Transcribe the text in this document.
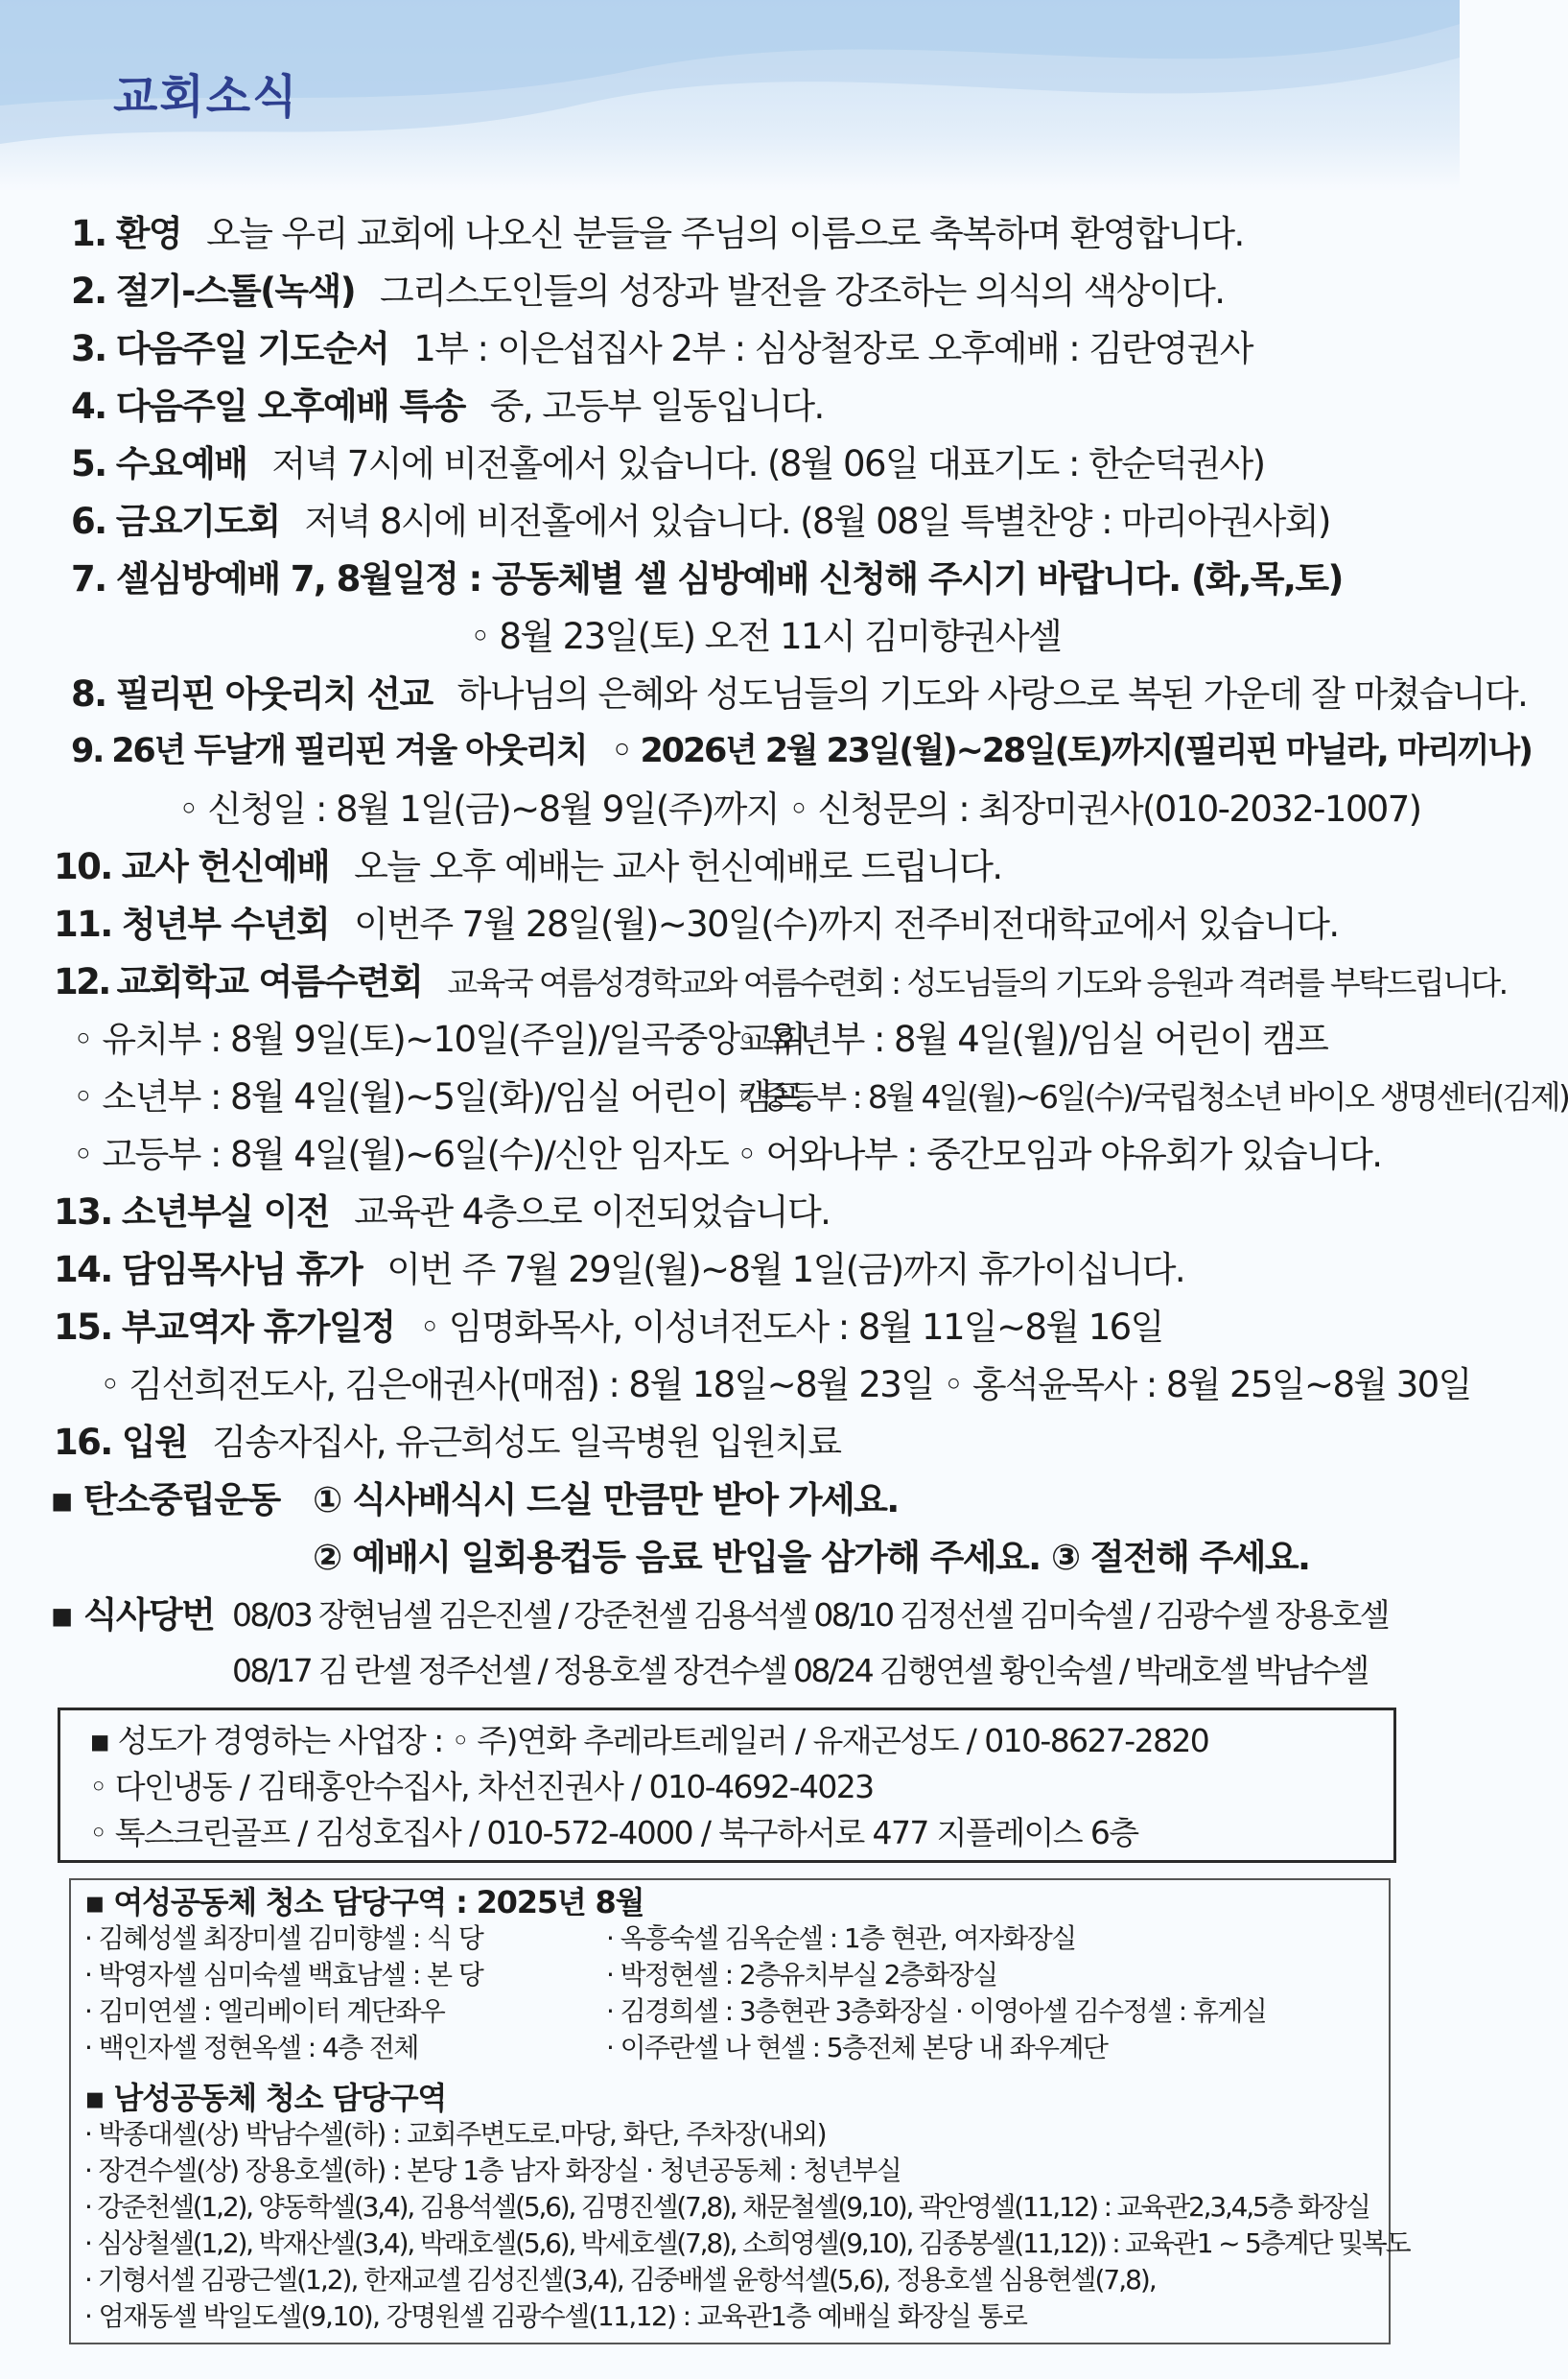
교회소식
1. 환영 오늘 우리 교회에 나오신 분들을 주님의 이름으로 축복하며 환영합니다.
2. 절기-스톨(녹색) 그리스도인들의 성장과 발전을 강조하는 의식의 색상이다.
3. 다음주일 기도순서 1부 : 이은섭집사 2부 : 심상철장로 오후예배 : 김란영권사
4. 다음주일 오후예배 특송 중, 고등부 일동입니다.
5. 수요예배 저녁 7시에 비전홀에서 있습니다. (8월 06일 대표기도 : 한순덕권사)
6. 금요기도회 저녁 8시에 비전홀에서 있습니다. (8월 08일 특별찬양 : 마리아권사회)
7. 셀심방예배 7, 8월일정 : 공동체별 셀 심방예배 신청해 주시기 바랍니다. (화,목,토)
◦ 8월 23일(토) 오전 11시 김미향권사셀
8. 필리핀 아웃리치 선교 하나님의 은혜와 성도님들의 기도와 사랑으로 복된 가운데 잘 마쳤습니다.
9. 26년 두날개 필리핀 겨울 아웃리치 ◦ 2026년 2월 23일(월)~28일(토)까지(필리핀 마닐라, 마리끼나)
◦ 신청일 : 8월 1일(금)~8월 9일(주)까지 ◦ 신청문의 : 최장미권사(010-2032-1007)
10. 교사 헌신예배 오늘 오후 예배는 교사 헌신예배로 드립니다.
11. 청년부 수년회 이번주 7월 28일(월)~30일(수)까지 전주비전대학교에서 있습니다.
12. 교회학교 여름수련회 교육국 여름성경학교와 여름수련회 : 성도님들의 기도와 응원과 격려를 부탁드립니다.
◦ 유치부 : 8월 9일(토)~10일(주일)/일곡중앙교회
◦ 유년부 : 8월 4일(월)/임실 어린이 캠프
◦ 소년부 : 8월 4일(월)~5일(화)/임실 어린이 캠프
◦ 중등부 : 8월 4일(월)~6일(수)/국립청소년 바이오 생명센터(김제)
◦ 고등부 : 8월 4일(월)~6일(수)/신안 임자도 ◦ 어와나부 : 중간모임과 야유회가 있습니다.
13. 소년부실 이전 교육관 4층으로 이전되었습니다.
14. 담임목사님 휴가 이번 주 7월 29일(월)~8월 1일(금)까지 휴가이십니다.
15. 부교역자 휴가일정 ◦ 임명화목사, 이성녀전도사 : 8월 11일~8월 16일
◦ 김선희전도사, 김은애권사(매점) : 8월 18일~8월 23일 ◦ 홍석윤목사 : 8월 25일~8월 30일
16. 입원 김송자집사, 유근희성도 일곡병원 입원치료
▪ 탄소중립운동 ① 식사배식시 드실 만큼만 받아 가세요.
② 예배시 일회용컵등 음료 반입을 삼가해 주세요. ③ 절전해 주세요.
▪ 식사당번 08/03 장현님셀 김은진셀 / 강준천셀 김용석셀 08/10 김정선셀 김미숙셀 / 김광수셀 장용호셀
08/17 김 란셀 정주선셀 / 정용호셀 장견수셀 08/24 김행연셀 황인숙셀 / 박래호셀 박남수셀
▪ 성도가 경영하는 사업장 : ◦ 주)연화 추레라트레일러 / 유재곤성도 / 010-8627-2820
◦ 다인냉동 / 김태홍안수집사, 차선진권사 / 010-4692-4023
◦ 톡스크린골프 / 김성호집사 / 010-572-4000 / 북구하서로 477 지플레이스 6층
▪ 여성공동체 청소 담당구역 : 2025년 8월
· 김혜성셀 최장미셀 김미향셀 : 식 당
· 박영자셀 심미숙셀 백효남셀 : 본 당
· 김미연셀 : 엘리베이터 계단좌우
· 백인자셀 정현옥셀 : 4층 전체
· 옥흥숙셀 김옥순셀 : 1층 현관, 여자화장실
· 박정현셀 : 2층유치부실 2층화장실
· 김경희셀 : 3층현관 3층화장실 · 이영아셀 김수정셀 : 휴게실
· 이주란셀 나 현셀 : 5층전체 본당 내 좌우계단
▪ 남성공동체 청소 담당구역
· 박종대셀(상) 박남수셀(하) : 교회주변도로.마당, 화단, 주차장(내외)
· 장견수셀(상) 장용호셀(하) : 본당 1층 남자 화장실 · 청년공동체 : 청년부실
· 강준천셀(1,2), 양동학셀(3,4), 김용석셀(5,6), 김명진셀(7,8), 채문철셀(9,10), 곽안영셀(11,12) : 교육관2,3,4,5층 화장실
· 심상철셀(1,2), 박재산셀(3,4), 박래호셀(5,6), 박세호셀(7,8), 소희영셀(9,10), 김종봉셀(11,12)) : 교육관1 ~ 5층계단 및복도
· 기형서셀 김광근셀(1,2), 한재교셀 김성진셀(3,4), 김중배셀 윤항석셀(5,6), 정용호셀 심용현셀(7,8),
· 엄재동셀 박일도셀(9,10), 강명원셀 김광수셀(11,12) : 교육관1층 예배실 화장실 통로
